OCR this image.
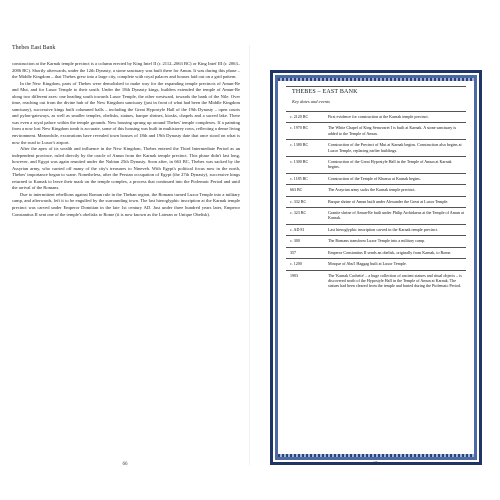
Thebes East Bank

construction at the Karnak temple precinct is a column erected by King Intef II (r. 2112–2063 BC) or King Intef III (r. 2063–2086 BC). Shortly afterwards, under the 12th Dynasty, a stone sanctuary was built there for Amun. It was during this phase – the Middle Kingdom – that Thebes grew into a large city, complete with royal palaces and houses laid out on a grid pattern.

In the New Kingdom, parts of Thebes were demolished to make way for the expanding temple precincts of Amun-Re and Mut, and for Luxor Temple to their south. Under the 18th Dynasty kings, builders extended the temple of Amun-Re along two different axes: one heading south towards Luxor Temple, the other westward, towards the bank of the Nile. Over time, reaching out from the divine hub of the New Kingdom sanctuary (just in front of what had been the Middle Kingdom sanctuary), successive kings built columned halls – including the Great Hypostyle Hall of the 19th Dynasty – open courts and pylon-gateways, as well as smaller temples, obelisks, statues, barque shrines, kiosks, chapels and a sacred lake. There was even a royal palace within the temple grounds. New housing sprung up around Thebes' temple complexes. If a painting from a now lost New Kingdom tomb is accurate, some of this housing was built in multistorey rows, reflecting a dense living environment. Meanwhile, excavations have revealed town houses of 18th and 19th Dynasty date that once stood on what is now the road to Luxor's airport.

After the apex of its wealth and influence in the New Kingdom, Thebes entered the Third Intermediate Period as an independent province, ruled directly by the oracle of Amun from the Karnak temple precinct. This phase didn't last long, however, and Egypt was again reunited under the Nubian 25th Dynasty. Soon after, in 663 BC, Thebes was sacked by the Assyrian army, who carried off many of the city's treasures to Nineveh. With Egypt's political focus now in the north, Thebes' importance began to wane. Nonetheless, after the Persian occupation of Egypt (the 27th Dynasty), successive kings returned to Karnak to leave their mark on the temple complex, a process that continued into the Ptolemaic Period and until the arrival of the Romans.

Due to intermittent rebellions against Roman rule in the Theban region, the Romans turned Luxor Temple into a military camp, and afterwards, left it to be engulfed by the surrounding town. The last hieroglyphic inscription at the Karnak temple precinct was carved under Emperor Domitian in the late 1st century AD. Just under three hundred years later, Emperor Constantius II sent one of the temple's obelisks to Rome (it is now known as the Lateran or Unique Obelisk).

66
THEBES – EAST BANK
Key dates and events
c. 2120 BC	First evidence for construction at the Karnak temple precinct.
c. 1970 BC	The White Chapel of King Senwosret I is built at Karnak. A stone sanctuary is added to the Temple of Amun.
c. 1380 BC	Construction of the Precinct of Mut at Karnak begins. Construction also begins at Luxor Temple, replacing earlier buildings.
c. 1300 BC	Construction of the Great Hypostyle Hall in the Temple of Amun at Karnak begins.
c. 1185 BC	Construction of the Temple of Khonsu at Karnak begins.
663 BC	The Assyrian army sacks the Karnak temple precinct.
c. 332 BC	Barque shrine of Amun built under Alexander the Great at Luxor Temple.
c. 323 BC	Granite shrine of Amun-Re built under Philip Arrhidaeus at the Temple of Amun at Karnak.
c. AD 81	Last hieroglyphic inscription carved in the Karnak temple precinct.
c. 300	The Romans transform Luxor Temple into a military camp.
357	Emperor Constantius II sends an obelisk, originally from Karnak, to Rome.
c. 1200	Mosque of Abu'l Haggag built at Luxor Temple.
1903	The 'Karnak Cachette' – a huge collection of ancient statues and ritual objects – is discovered north of the Hypostyle Hall in the Temple of Amun at Karnak. The statues had been cleared from the temple and buried during the Ptolemaic Period.
67
